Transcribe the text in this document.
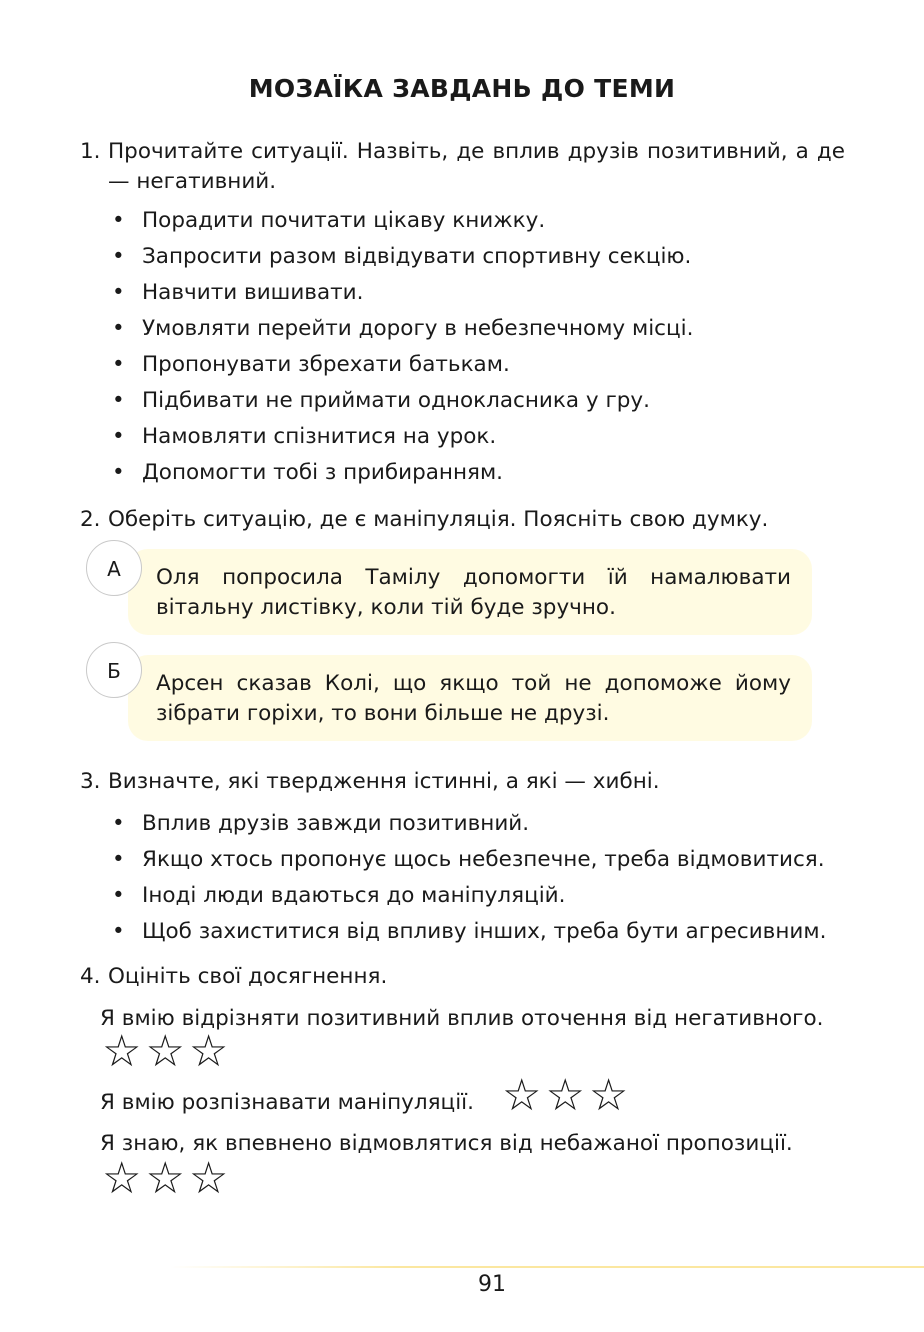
МОЗАЇКА ЗАВДАНЬ ДО ТЕМИ
1. Прочитайте ситуації. Назвіть, де вплив друзів позитивний, а де — негативний.
• Порадити почитати цікаву книжку.
• Запросити разом відвідувати спортивну секцію.
• Навчити вишивати.
• Умовляти перейти дорогу в небезпечному місці.
• Пропонувати збрехати батькам.
• Підбивати не приймати однокласника у гру.
• Намовляти спізнитися на урок.
• Допомогти тобі з прибиранням.
2. Оберіть ситуацію, де є маніпуляція. Поясніть свою думку.
Оля попросила Тамілу допомогти їй намалювати вітальну листівку, коли тій буде зручно.
А
Арсен сказав Колі, що якщо той не допоможе йому зібрати горіхи, то вони більше не друзі.
Б
3. Визначте, які твердження істинні, а які — хибні.
• Вплив друзів завжди позитивний.
• Якщо хтось пропонує щось небезпечне, треба відмовитися.
• Іноді люди вдаються до маніпуляцій.
• Щоб захиститися від впливу інших, треба бути агресивним.
4. Оцініть свої досягнення.
Я вмію відрізняти позитивний вплив оточення від негативного.
☆☆☆
Я вмію розпізнавати маніпуляції. ☆☆☆
Я знаю, як впевнено відмовлятися від небажаної пропозиції.
☆☆☆
91
